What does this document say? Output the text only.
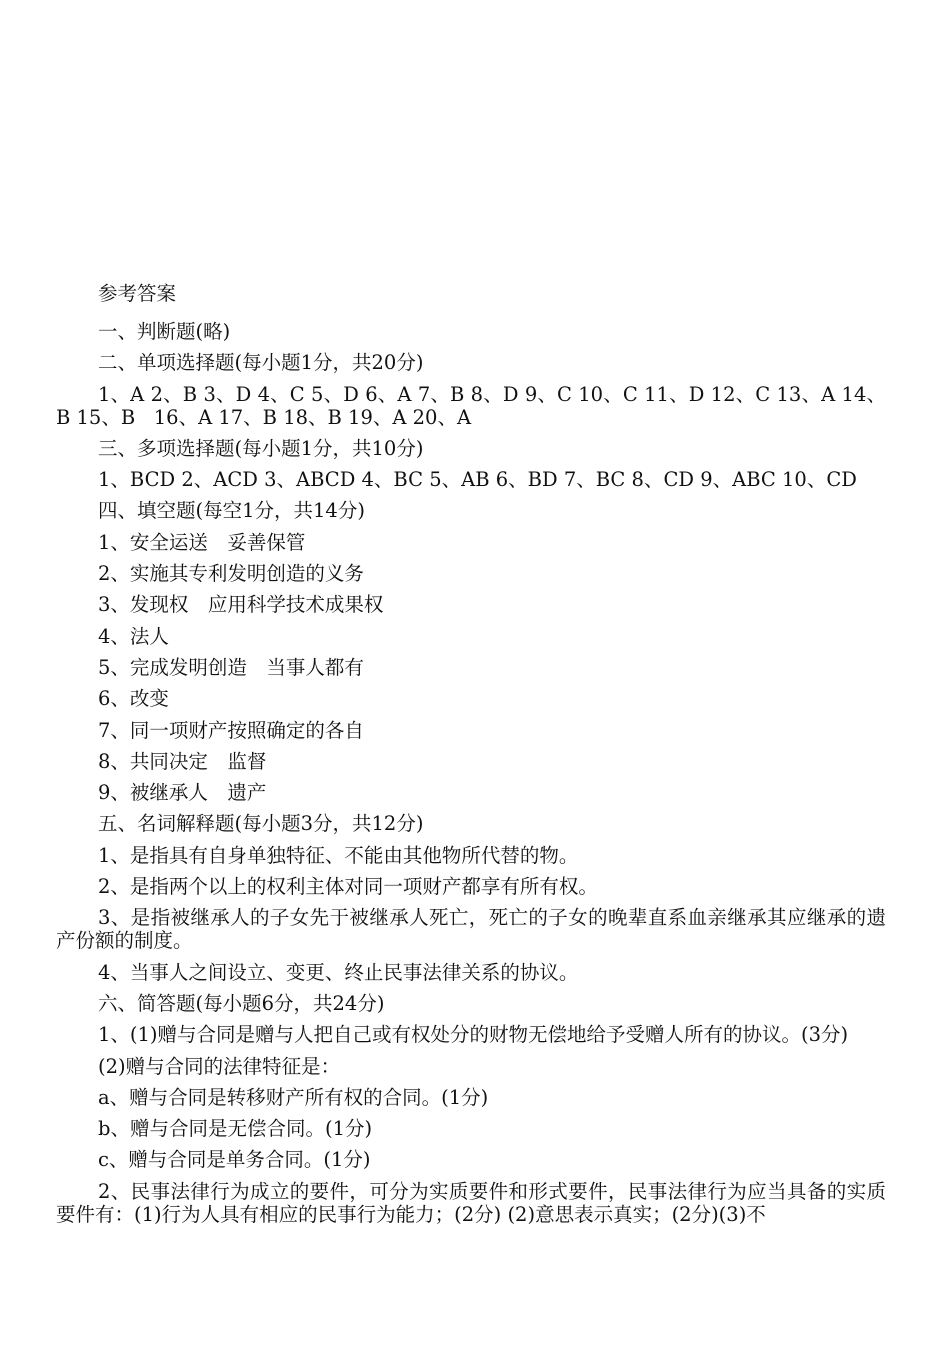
参考答案

一、判断题(略)

二、单项选择题(每小题1分，共20分)

1、A 2、B 3、D 4、C 5、D 6、A 7、B 8、D 9、C 10、C 11、D 12、C 13、A 14、B 15、B   16、A 17、B 18、B 19、A 20、A

三、多项选择题(每小题1分，共10分)

1、BCD 2、ACD 3、ABCD 4、BC 5、AB 6、BD 7、BC 8、CD 9、ABC 10、CD

四、填空题(每空1分，共14分)

1、安全运送　妥善保管

2、实施其专利发明创造的义务

3、发现权　应用科学技术成果权

4、法人

5、完成发明创造　当事人都有

6、改变

7、同一项财产按照确定的各自

8、共同决定　监督

9、被继承人　遗产

五、名词解释题(每小题3分，共12分)

1、是指具有自身单独特征、不能由其他物所代替的物。

2、是指两个以上的权利主体对同一项财产都享有所有权。

3、是指被继承人的子女先于被继承人死亡，死亡的子女的晚辈直系血亲继承其应继承的遗产份额的制度。

4、当事人之间设立、变更、终止民事法律关系的协议。

六、简答题(每小题6分，共24分)

1、(1)赠与合同是赠与人把自己或有权处分的财物无偿地给予受赠人所有的协议。(3分)

(2)赠与合同的法律特征是：

a、赠与合同是转移财产所有权的合同。(1分)

b、赠与合同是无偿合同。(1分)

c、赠与合同是单务合同。(1分)

2、民事法律行为成立的要件，可分为实质要件和形式要件，民事法律行为应当具备的实质要件有：(1)行为人具有相应的民事行为能力；(2分) (2)意思表示真实；(2分)(3)不
